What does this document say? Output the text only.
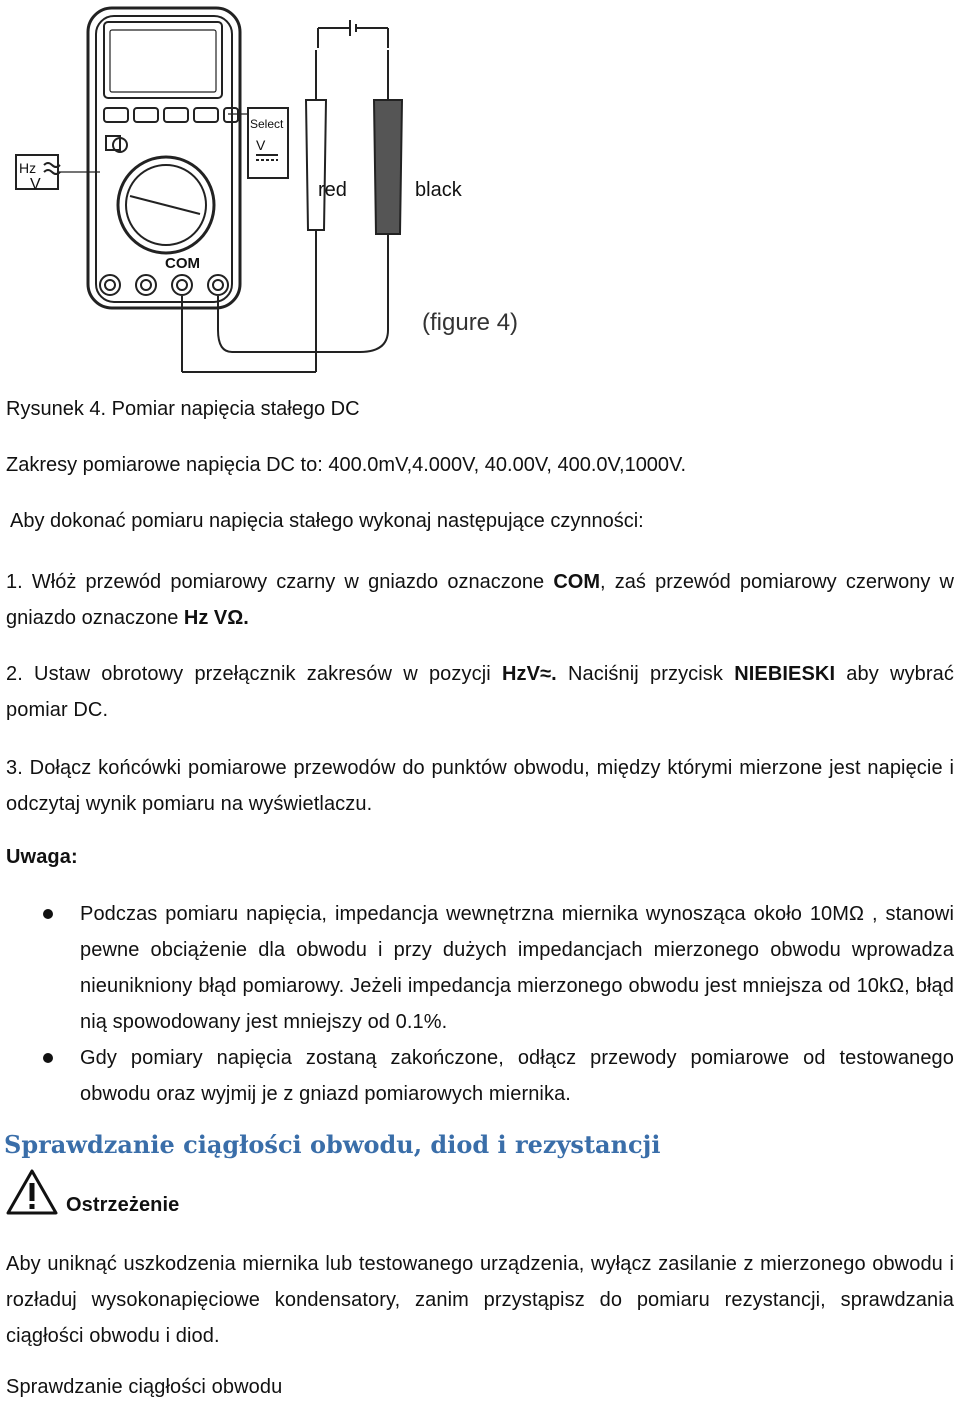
Hz
V
Select
V
COM
red	black
(figure 4)

Rysunek 4. Pomiar napięcia stałego DC

Zakresy pomiarowe napięcia DC to: 400.0mV,4.000V, 40.00V, 400.0V,1000V.

Aby dokonać pomiaru napięcia stałego wykonaj następujące czynności:

1. Włóż przewód pomiarowy czarny w gniazdo oznaczone COM, zaś przewód pomiarowy czerwony w gniazdo oznaczone Hz VΩ.

2. Ustaw obrotowy przełącznik zakresów w pozycji HzV≈. Naciśnij przycisk NIEBIESKI aby wybrać pomiar DC.

3. Dołącz końcówki pomiarowe przewodów do punktów obwodu, między którymi mierzone jest napięcie i odczytaj wynik pomiaru na wyświetlaczu.

Uwaga:

Podczas pomiaru napięcia, impedancja wewnętrzna miernika wynosząca około 10MΩ , stanowi pewne obciążenie dla obwodu i przy dużych impedancjach mierzonego obwodu wprowadza nieunikniony błąd pomiarowy. Jeżeli impedancja mierzonego obwodu jest mniejsza od 10kΩ, błąd nią spowodowany jest mniejszy od 0.1%.
Gdy pomiary napięcia zostaną zakończone, odłącz przewody pomiarowe od testowanego obwodu oraz wyjmij je z gniazd pomiarowych miernika.
Sprawdzanie ciągłości obwodu, diod i rezystancji
Ostrzeżenie

Aby uniknąć uszkodzenia miernika lub testowanego urządzenia, wyłącz zasilanie z mierzonego obwodu i rozładuj wysokonapięciowe kondensatory, zanim przystąpisz do pomiaru rezystancji, sprawdzania ciągłości obwodu i diod.

Sprawdzanie ciągłości obwodu
